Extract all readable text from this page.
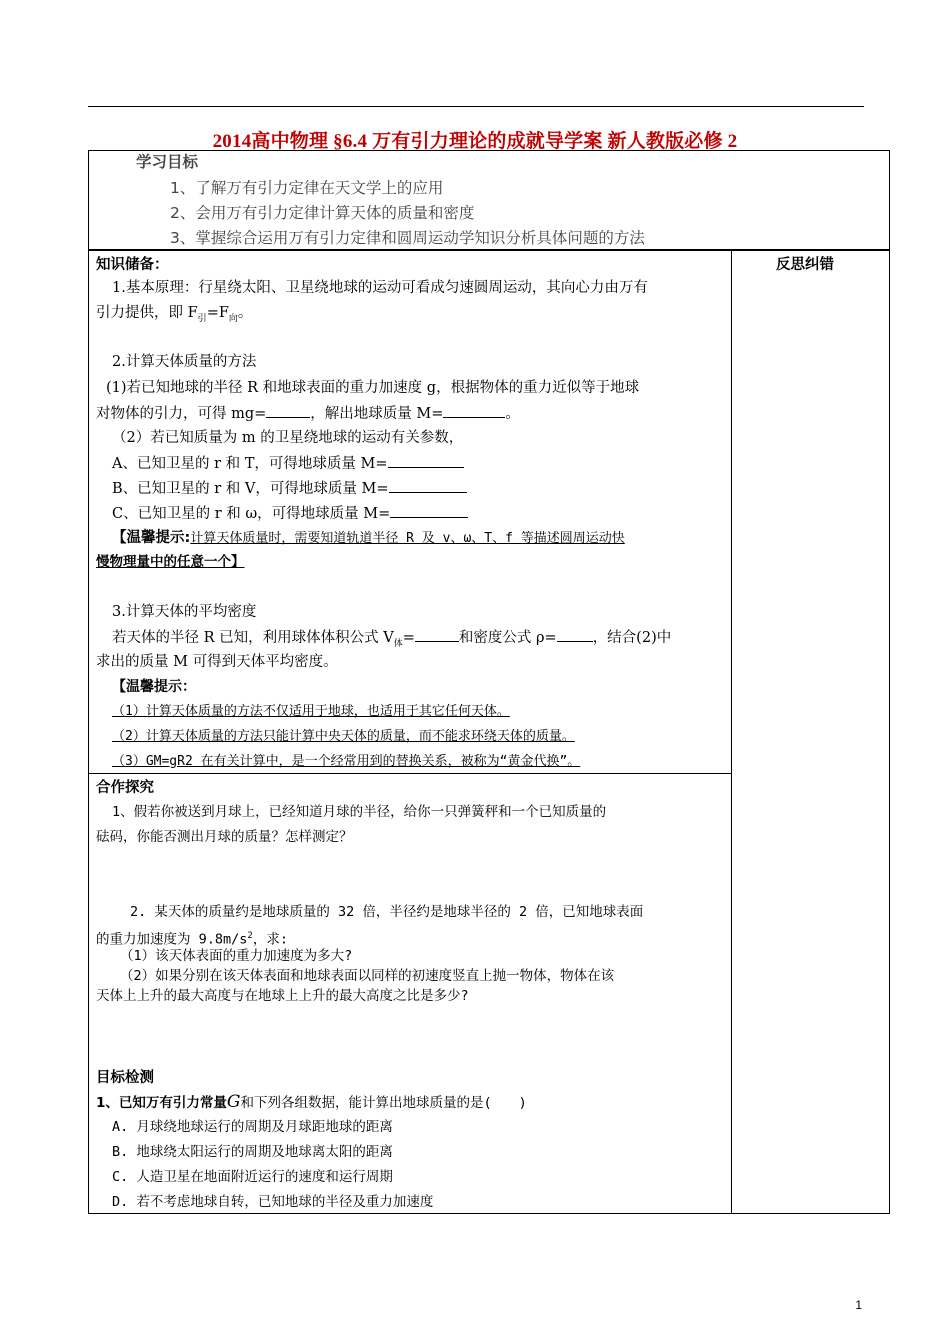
2014高中物理 §6.4 万有引力理论的成就导学案 新人教版必修 2
学习目标
1、了解万有引力定律在天文学上的应用
2、会用万有引力定律计算天体的质量和密度
3、掌握综合运用万有引力定律和圆周运动学知识分析具体问题的方法
反思纠错
知识储备：
1.基本原理：行星绕太阳、卫星绕地球的运动可看成匀速圆周运动，其向心力由万有
引力提供，即 $F_引=F_向$。
2.计算天体质量的方法
(1)若已知地球的半径 R 和地球表面的重力加速度 g，根据物体的重力近似等于地球
对物体的引力，可得 mg=	，解出地球质量 M=	。
（2）若已知质量为 m 的卫星绕地球的运动有关参数，
A、已知卫星的 r 和 T，可得地球质量 M=
B、已知卫星的 r 和 V，可得地球质量 M=
C、已知卫星的 r 和 ω，可得地球质量 M=
【温馨提示:计算天体质量时，需要知道轨道半径 R 及 v、ω、T、f 等描述圆周运动快
慢物理量中的任意一个】
3.计算天体的平均密度
若天体的半径 R 已知，利用球体体积公式 $V_体=$	和密度公式 ρ= ，结合(2)中
求出的质量 M 可得到天体平均密度。
【温馨提示：
（1）计算天体质量的方法不仅适用于地球，也适用于其它任何天体。
（2）计算天体质量的方法只能计算中央天体的质量，而不能求环绕天体的质量。
（3）GM=gR2 在有关计算中，是一个经常用到的替换关系，被称为“黄金代换”。
合作探究
1、假若你被送到月球上，已经知道月球的半径，给你一只弹簧秤和一个已知质量的
砝码，你能否测出月球的质量？怎样测定？
2. 某天体的质量约是地球质量的 32 倍，半径约是地球半径的 2 倍，已知地球表面
的重力加速度为 $9.8m/s^2$，求:
（1）该天体表面的重力加速度为多大?
（2）如果分别在该天体表面和地球表面以同样的初速度竖直上抛一物体，物体在该
天体上上升的最大高度与在地球上上升的最大高度之比是多少?
目标检测
1、已知万有引力常量G和下列各组数据，能计算出地球质量的是(　　)
A. 月球绕地球运行的周期及月球距地球的距离
B. 地球绕太阳运行的周期及地球离太阳的距离
C. 人造卫星在地面附近运行的速度和运行周期
D. 若不考虑地球自转，已知地球的半径及重力加速度
1
